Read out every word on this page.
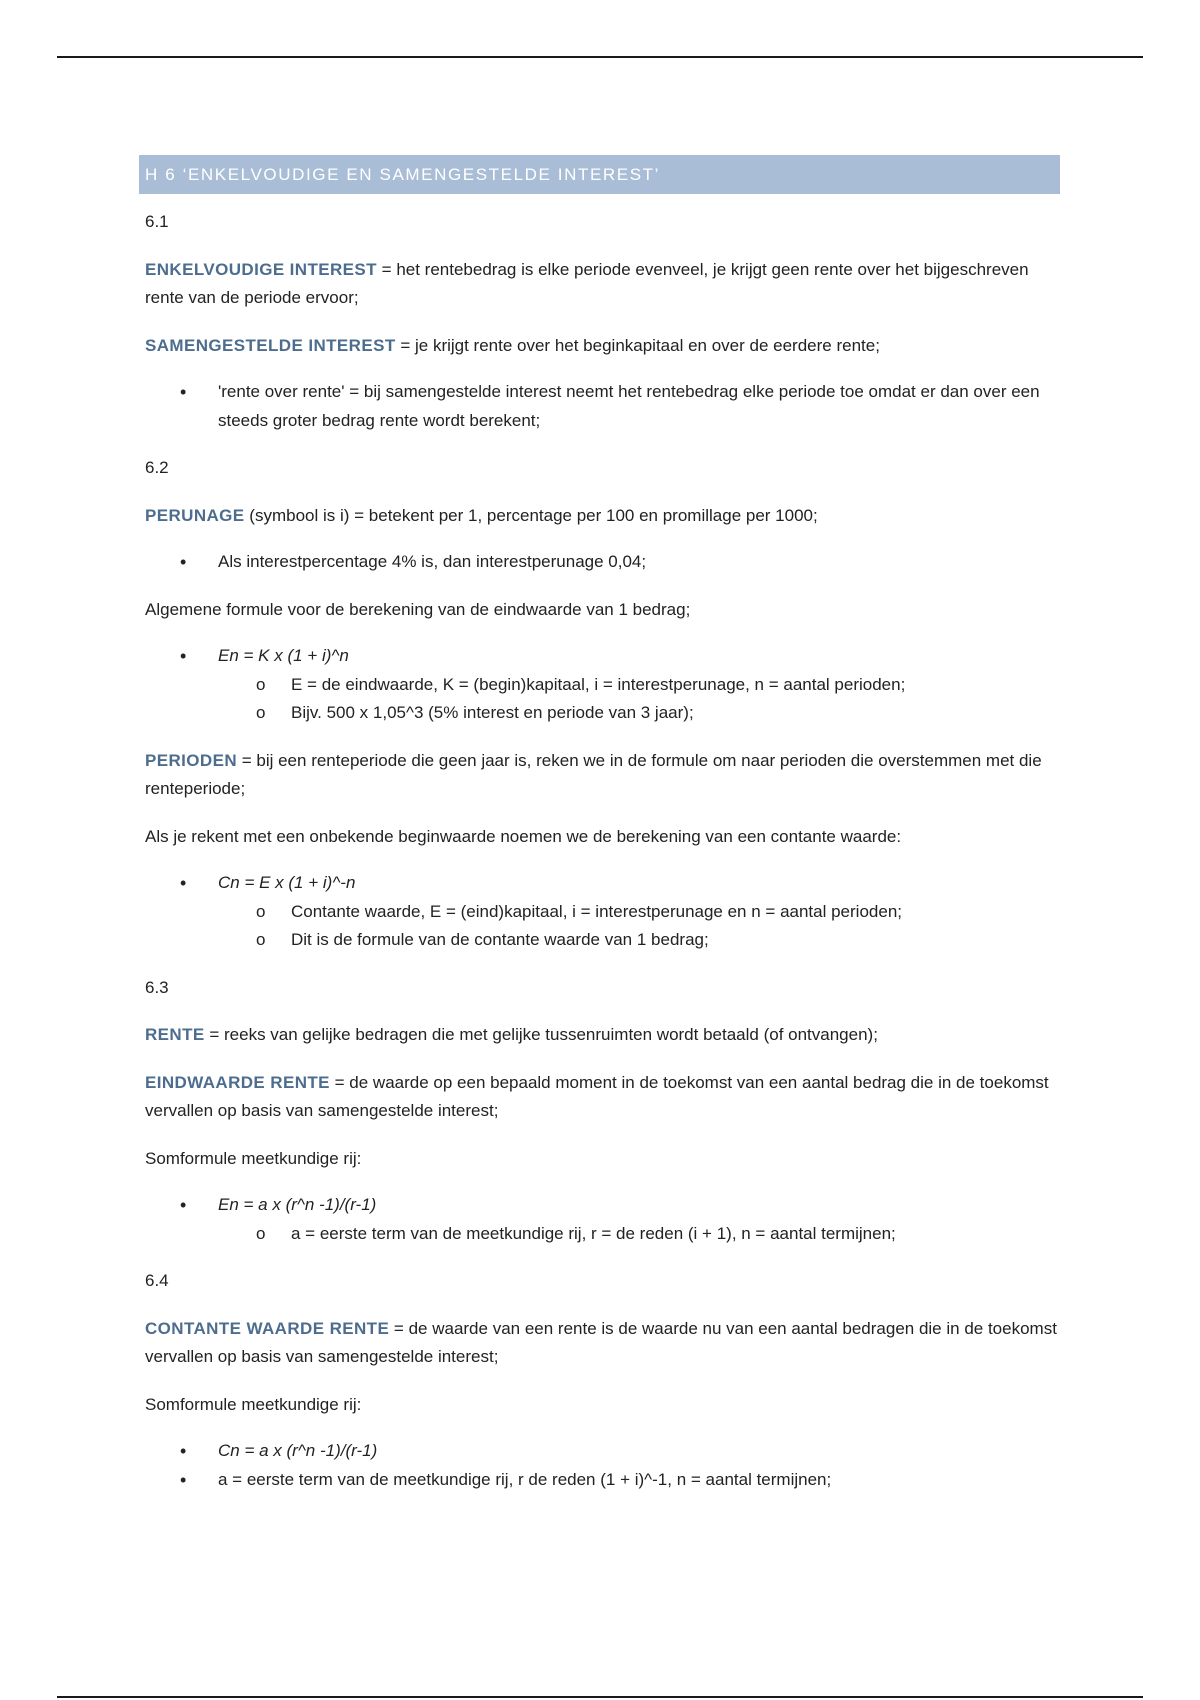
H 6 ‘ENKELVOUDIGE EN SAMENGESTELDE INTEREST’

6.1

ENKELVOUDIGE INTEREST = het rentebedrag is elke periode evenveel, je krijgt geen rente over het bijgeschreven rente van de periode ervoor;

SAMENGESTELDE INTEREST = je krijgt rente over het beginkapitaal en over de eerdere rente;

• 'rente over rente' = bij samengestelde interest neemt het rentebedrag elke periode toe omdat er dan over een steeds groter bedrag rente wordt berekent;

6.2

PERUNAGE (symbool is i) = betekent per 1, percentage per 100 en promillage per 1000;

• Als interestpercentage 4% is, dan interestperunage 0,04;

Algemene formule voor de berekening van de eindwaarde van 1 bedrag;

• En = K x (1 + i)^n
o E = de eindwaarde, K = (begin)kapitaal, i = interestperunage, n = aantal perioden;
o Bijv. 500 x 1,05^3 (5% interest en periode van 3 jaar);

PERIODEN = bij een renteperiode die geen jaar is, reken we in de formule om naar perioden die overstemmen met die renteperiode;

Als je rekent met een onbekende beginwaarde noemen we de berekening van een contante waarde:

• Cn = E x (1 + i)^-n
o Contante waarde, E = (eind)kapitaal, i = interestperunage en n = aantal perioden;
o Dit is de formule van de contante waarde van 1 bedrag;

6.3

RENTE = reeks van gelijke bedragen die met gelijke tussenruimten wordt betaald (of ontvangen);

EINDWAARDE RENTE = de waarde op een bepaald moment in de toekomst van een aantal bedrag die in de toekomst vervallen op basis van samengestelde interest;

Somformule meetkundige rij:

• En = a x (r^n -1)/(r-1)
o a = eerste term van de meetkundige rij, r = de reden (i + 1), n = aantal termijnen;

6.4

CONTANTE WAARDE RENTE = de waarde van een rente is de waarde nu van een aantal bedragen die in de toekomst vervallen op basis van samengestelde interest;

Somformule meetkundige rij:

• Cn = a x (r^n -1)/(r-1)
• a = eerste term van de meetkundige rij, r de reden (1 + i)^-1, n = aantal termijnen;
